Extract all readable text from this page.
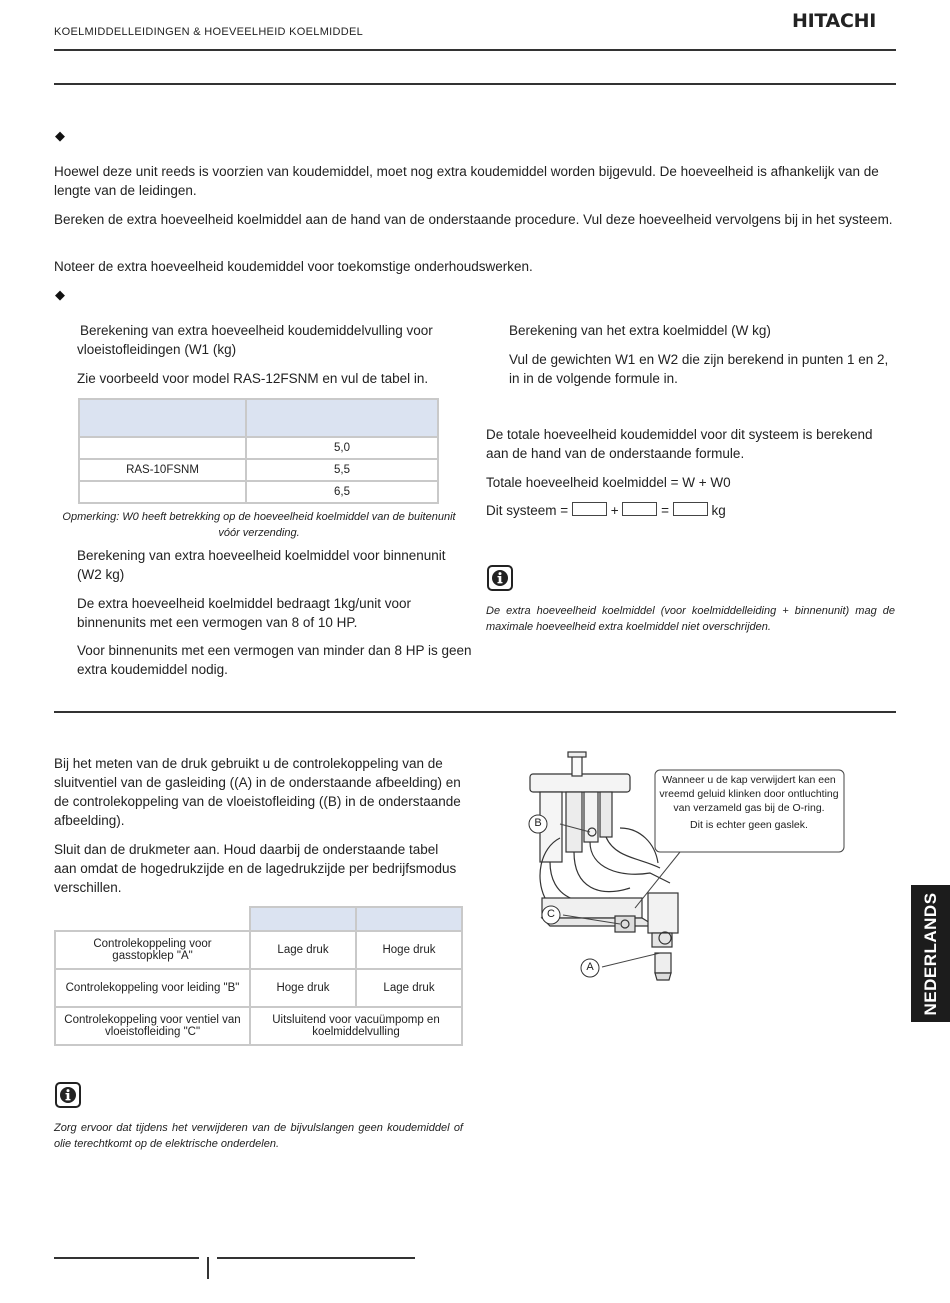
KOELMIDDELLEIDINGEN & HOEVEELHEID KOELMIDDEL	HITACHI
◆

Hoewel deze unit reeds is voorzien van koudemiddel, moet nog extra koudemiddel worden bijgevuld. De hoeveelheid is afhankelijk van de lengte van de leidingen.

Bereken de extra hoeveelheid koelmiddel aan de hand van de onderstaande procedure. Vul deze hoeveelheid vervolgens bij in het systeem.

Noteer de extra hoeveelheid koudemiddel voor toekomstige onderhoudswerken.

◆

Berekening van extra hoeveelheid koudemiddelvulling voor vloeistofleidingen (W1 (kg)

Zie voorbeeld voor model RAS-12FSNM en vul de tabel in.

	5,0
RAS-10FSNM	5,5
	6,5
Opmerking: W0 heeft betrekking op de hoeveelheid koelmiddel van de buitenunit vóór verzending.

Berekening van extra hoeveelheid koelmiddel voor binnenunit (W2 kg)

De extra hoeveelheid koelmiddel bedraagt 1kg/unit voor binnenunits met een vermogen van 8 of 10 HP.

Voor binnenunits met een vermogen van minder dan 8 HP is geen extra koudemiddel nodig.

Berekening van het extra koelmiddel (W kg)

Vul de gewichten W1 en W2 die zijn berekend in punten 1 en 2, in in de volgende formule in.

De totale hoeveelheid koudemiddel voor dit systeem is berekend aan de hand van de onderstaande formule.

Totale hoeveelheid koelmiddel = W + W0

Dit systeem =	+	=	kg
De extra hoeveelheid koelmiddel (voor koelmiddelleiding + binnenunit) mag de maximale hoeveelheid extra koelmiddel niet overschrijden.

Bij het meten van de druk gebruikt u de controlekoppeling van de sluitventiel van de gasleiding ((A) in de onderstaande afbeelding) en de controlekoppeling van de vloeistofleiding ((B) in de onderstaande afbeelding).

Sluit dan de drukmeter aan. Houd daarbij de onderstaande tabel aan omdat de hogedrukzijde en de lagedrukzijde per bedrijfsmodus verschillen.

Controlekoppeling voor gasstopklep "A"	Lage druk	Hoge druk
Controlekoppeling voor leiding "B"	Hoge druk	Lage druk
Controlekoppeling voor ventiel van vloeistofleiding "C"	Uitsluitend voor vacuümpomp en koelmiddelvulling	
Zorg ervoor dat tijdens het verwijderen van de bijvulslangen geen koudemiddel of olie terechtkomt op de elektrische onderdelen.
Wanneer u de kap verwijdert kan een vreemd geluid klinken door ontluchting van verzameld gas bij de O-ring.
Dit is echter geen gaslek.
B
C
A	NEDERLANDS
